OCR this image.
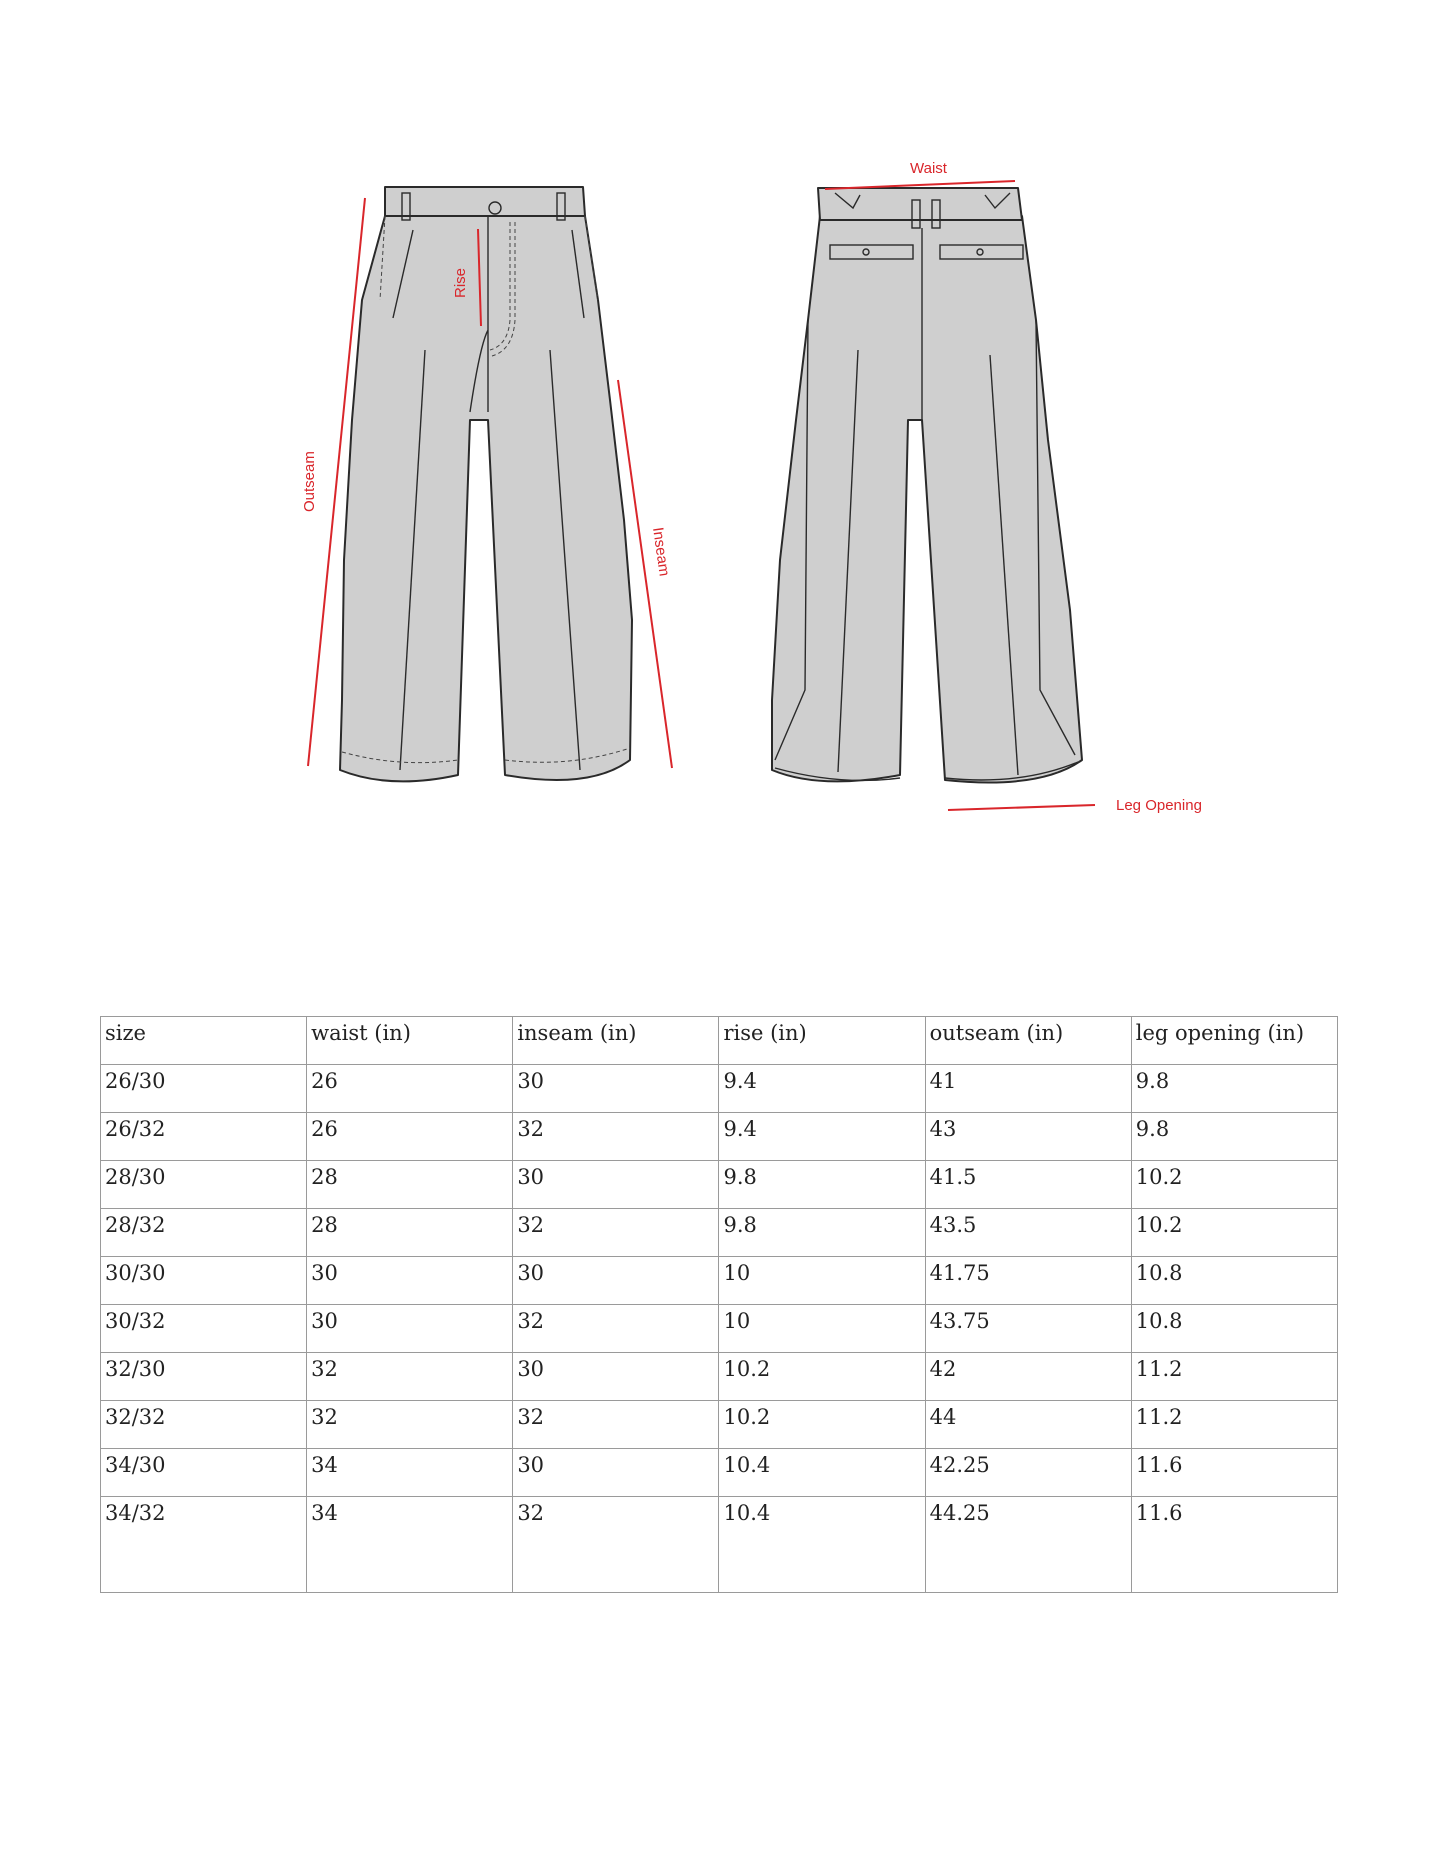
Waist
Rise
Outseam
Inseam
Leg Opening
size	waist (in)	inseam (in)	rise (in)	outseam (in)	leg opening (in)
26/30	26	30	9.4	41	9.8
26/32	26	32	9.4	43	9.8
28/30	28	30	9.8	41.5	10.2
28/32	28	32	9.8	43.5	10.2
30/30	30	30	10	41.75	10.8
30/32	30	32	10	43.75	10.8
32/30	32	30	10.2	42	11.2
32/32	32	32	10.2	44	11.2
34/30	34	30	10.4	42.25	11.6
34/32	34	32	10.4	44.25	11.6
